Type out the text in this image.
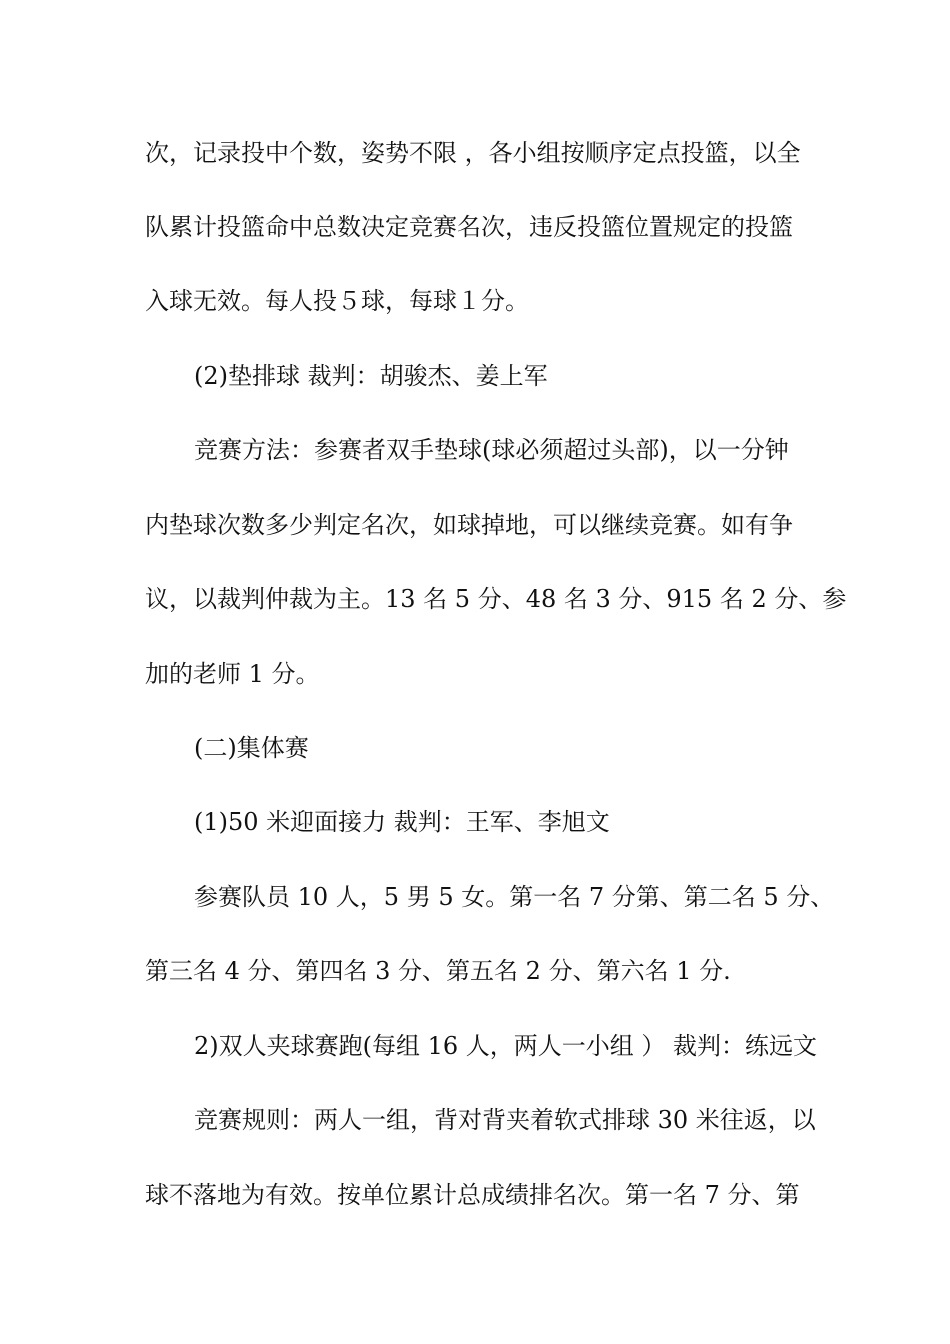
次，记录投中个数，姿势不限 ，各小组按顺序定点投篮，以全
队累计投篮命中总数决定竞赛名次，违反投篮位置规定的投篮
入球无效。每人投５球，每球１分。
(2)垫排球 裁判：胡骏杰、姜上军
竞赛方法：参赛者双手垫球(球必须超过头部)，以一分钟
内垫球次数多少判定名次，如球掉地，可以继续竞赛。如有争
议，以裁判仲裁为主。13 名 5 分、48 名 3 分、915 名 2 分、参
加的老师 1 分。
(二)集体赛
(1)50 米迎面接力 裁判：王军、李旭文
参赛队员 10 人，5 男 5 女。第一名 7 分第、第二名 5 分、
第三名 4 分、第四名 3 分、第五名 2 分、第六名 1 分.
2)双人夹球赛跑(每组 16 人，两人一小组 ） 裁判：练远文
竞赛规则：两人一组，背对背夹着软式排球 30 米往返，以
球不落地为有效。按单位累计总成绩排名次。第一名 7 分、第
